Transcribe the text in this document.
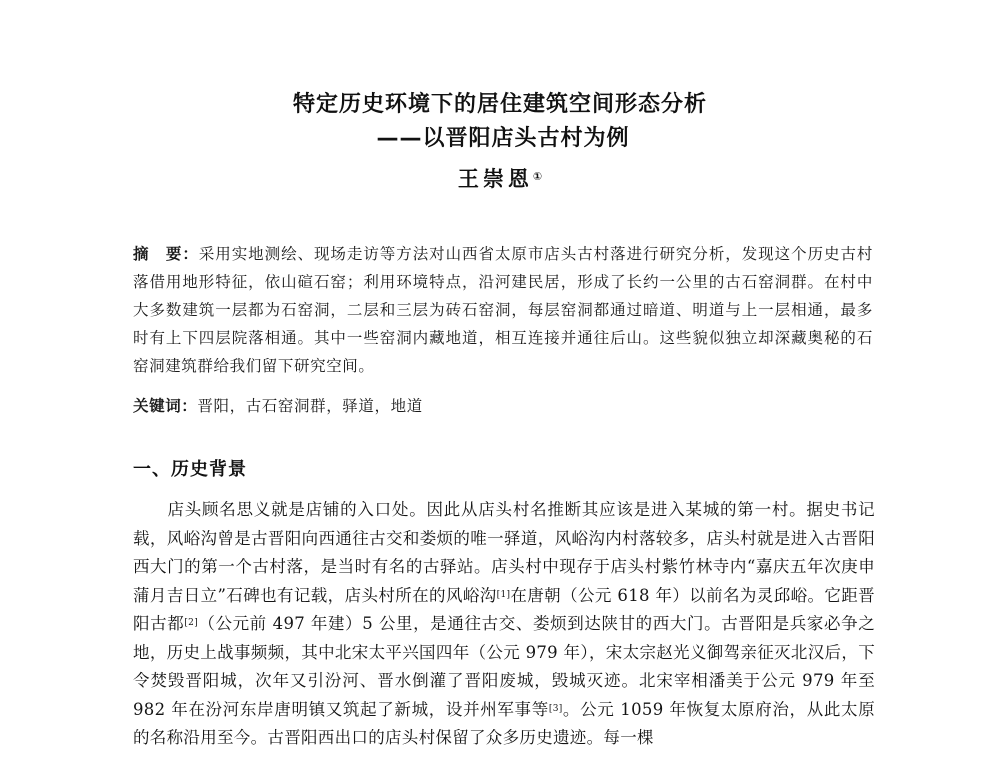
特定历史环境下的居住建筑空间形态分析
——以晋阳店头古村为例
王崇恩①
摘　要：采用实地测绘、现场走访等方法对山西省太原市店头古村落进行研究分析，发现这个历史古村落借用地形特征，依山碹石窑；利用环境特点，沿河建民居，形成了长约一公里的古石窑洞群。在村中大多数建筑一层都为石窑洞，二层和三层为砖石窑洞，每层窑洞都通过暗道、明道与上一层相通，最多时有上下四层院落相通。其中一些窑洞内藏地道，相互连接并通往后山。这些貌似独立却深藏奥秘的石窑洞建筑群给我们留下研究空间。
关键词：晋阳，古石窑洞群，驿道，地道
一、历史背景
店头顾名思义就是店铺的入口处。因此从店头村名推断其应该是进入某城的第一村。据史书记载，风峪沟曾是古晋阳向西通往古交和娄烦的唯一驿道，风峪沟内村落较多，店头村就是进入古晋阳西大门的第一个古村落，是当时有名的古驿站。店头村中现存于店头村紫竹林寺内“嘉庆五年次庚申蒲月吉日立”石碑也有记载，店头村所在的风峪沟[1]在唐朝（公元 618 年）以前名为灵邱峪。它距晋阳古都[2]（公元前 497 年建）5 公里，是通往古交、娄烦到达陕甘的西大门。古晋阳是兵家必争之地，历史上战事频频，其中北宋太平兴国四年（公元 979 年），宋太宗赵光义御驾亲征灭北汉后，下令焚毁晋阳城，次年又引汾河、晋水倒灌了晋阳废城，毁城灭迹。北宋宰相潘美于公元 979 年至 982 年在汾河东岸唐明镇又筑起了新城，设并州军事等[3]。公元 1059 年恢复太原府治，从此太原的名称沿用至今。古晋阳西出口的店头村保留了众多历史遗迹。每一棵
